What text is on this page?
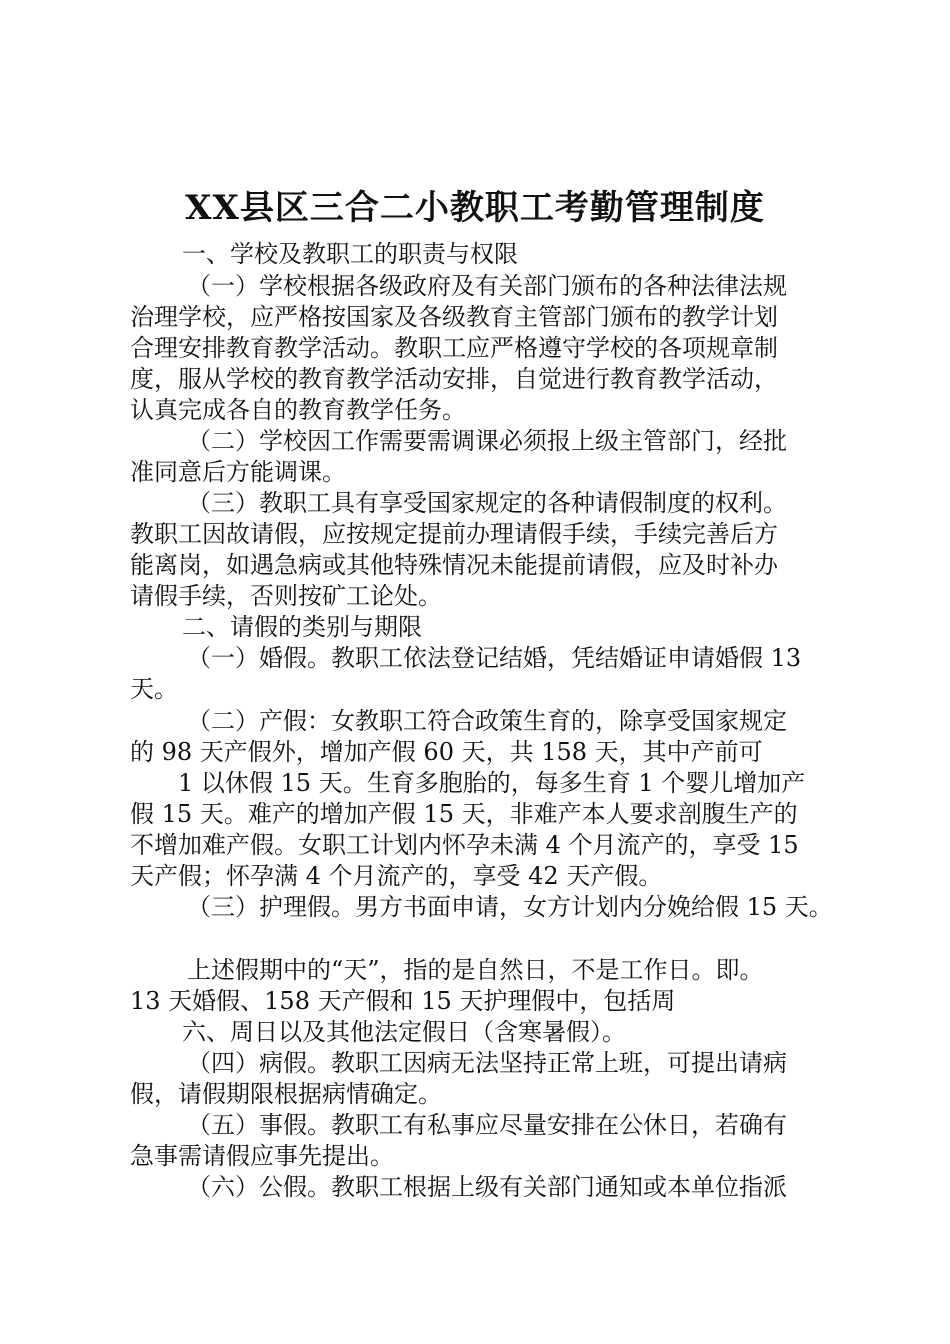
XX县区三合二小教职工考勤管理制度
一、学校及教职工的职责与权限
（一）学校根据各级政府及有关部门颁布的各种法律法规
治理学校，应严格按国家及各级教育主管部门颁布的教学计划
合理安排教育教学活动。教职工应严格遵守学校的各项规章制
度，服从学校的教育教学活动安排，自觉进行教育教学活动，
认真完成各自的教育教学任务。
（二）学校因工作需要需调课必须报上级主管部门，经批
准同意后方能调课。
（三）教职工具有享受国家规定的各种请假制度的权利。
教职工因故请假，应按规定提前办理请假手续，手续完善后方
能离岗，如遇急病或其他特殊情况未能提前请假，应及时补办
请假手续，否则按矿工论处。
二、请假的类别与期限
（一）婚假。教职工依法登记结婚，凭结婚证申请婚假 13
天。
（二）产假：女教职工符合政策生育的，除享受国家规定
的 98 天产假外，增加产假 60 天，共 158 天，其中产前可
1 以休假 15 天。生育多胞胎的，每多生育 1 个婴儿增加产
假 15 天。难产的增加产假 15 天，非难产本人要求剖腹生产的
不增加难产假。女职工计划内怀孕未满 4 个月流产的，享受 15
天产假；怀孕满 4 个月流产的，享受 42 天产假。
（三）护理假。男方书面申请，女方计划内分娩给假 15 天。
上述假期中的“天”，指的是自然日，不是工作日。即。
13 天婚假、158 天产假和 15 天护理假中，包括周
六、周日以及其他法定假日（含寒暑假）。
（四）病假。教职工因病无法坚持正常上班，可提出请病
假，请假期限根据病情确定。
（五）事假。教职工有私事应尽量安排在公休日，若确有
急事需请假应事先提出。
（六）公假。教职工根据上级有关部门通知或本单位指派
